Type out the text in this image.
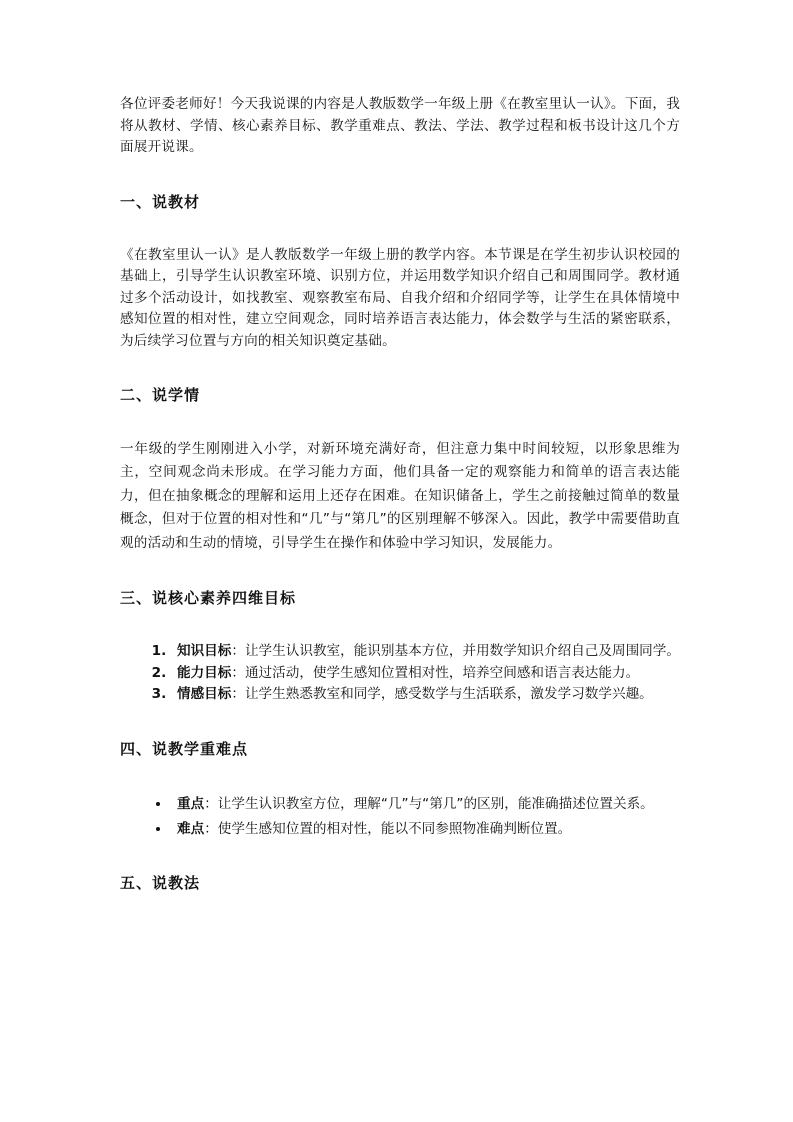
各位评委老师好！今天我说课的内容是人教版数学一年级上册《在教室里认一认》。下面，我将从教材、学情、核心素养目标、教学重难点、教法、学法、教学过程和板书设计这几个方面展开说课。

一、说教材

《在教室里认一认》是人教版数学一年级上册的教学内容。本节课是在学生初步认识校园的基础上，引导学生认识教室环境、识别方位，并运用数学知识介绍自己和周围同学。教材通过多个活动设计，如找教室、观察教室布局、自我介绍和介绍同学等，让学生在具体情境中感知位置的相对性，建立空间观念，同时培养语言表达能力，体会数学与生活的紧密联系，为后续学习位置与方向的相关知识奠定基础。

二、说学情

一年级的学生刚刚进入小学，对新环境充满好奇，但注意力集中时间较短，以形象思维为主，空间观念尚未形成。在学习能力方面，他们具备一定的观察能力和简单的语言表达能力，但在抽象概念的理解和运用上还存在困难。在知识储备上，学生之前接触过简单的数量概念，但对于位置的相对性和“几”与“第几”的区别理解不够深入。因此，教学中需要借助直观的活动和生动的情境，引导学生在操作和体验中学习知识，发展能力。

三、说核心素养四维目标
1. 知识目标：让学生认识教室，能识别基本方位，并用数学知识介绍自己及周围同学。
2. 能力目标：通过活动，使学生感知位置相对性，培养空间感和语言表达能力。
3. 情感目标：让学生熟悉教室和同学，感受数学与生活联系，激发学习数学兴趣。
四、说教学重难点
• 重点：让学生认识教室方位，理解“几”与“第几”的区别，能准确描述位置关系。
• 难点：使学生感知位置的相对性，能以不同参照物准确判断位置。
五、说教法
